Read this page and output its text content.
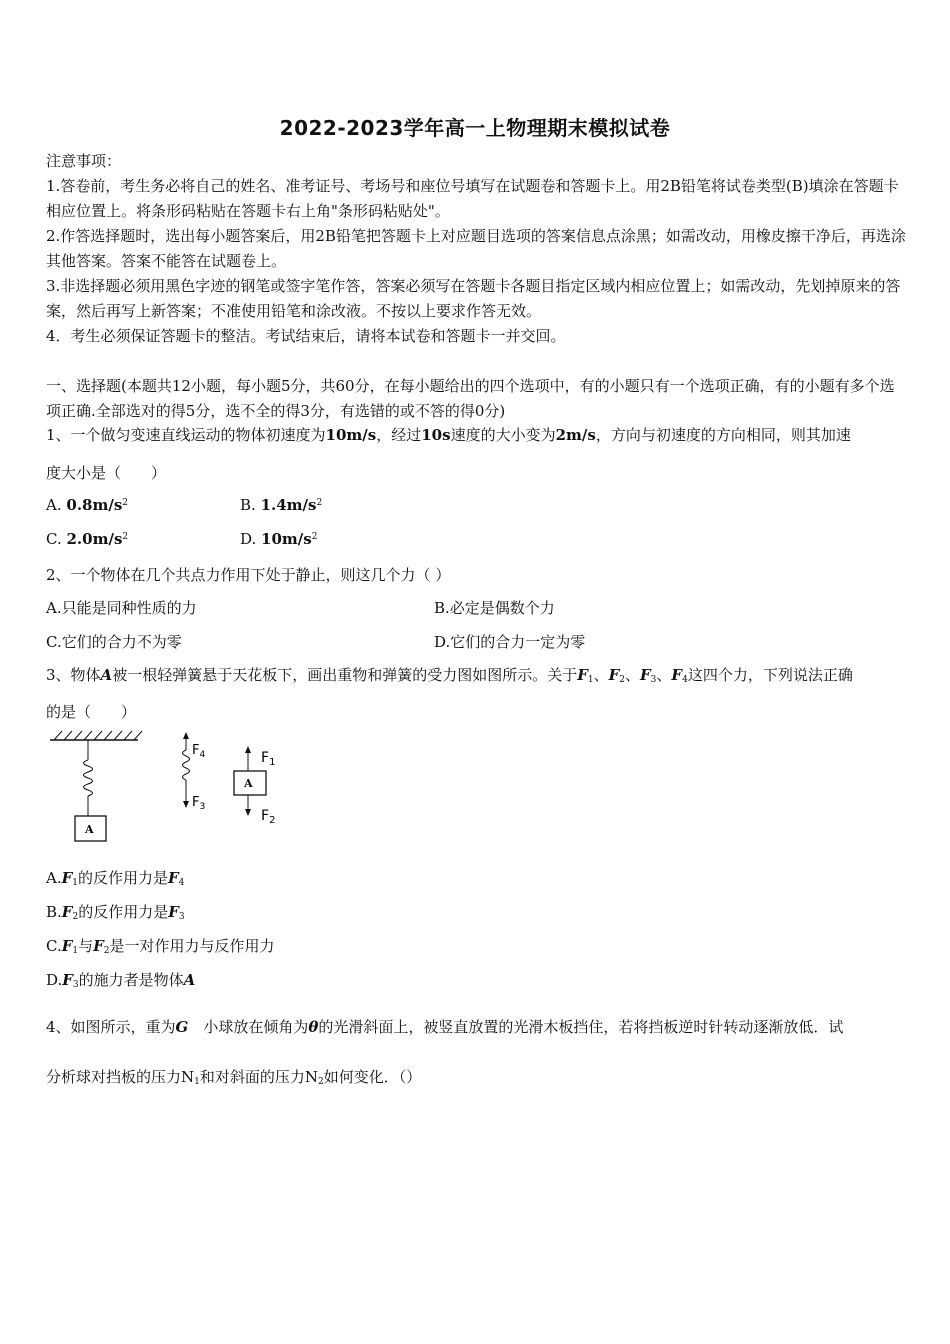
2022-2023学年高一上物理期末模拟试卷
注意事项：
1.答卷前，考生务必将自己的姓名、准考证号、考场号和座位号填写在试题卷和答题卡上。用2B铅笔将试卷类型(B)填涂在答题卡相应位置上。将条形码粘贴在答题卡右上角"条形码粘贴处"。
2.作答选择题时，选出每小题答案后，用2B铅笔把答题卡上对应题目选项的答案信息点涂黑；如需改动，用橡皮擦干净后，再选涂其他答案。答案不能答在试题卷上。
3.非选择题必须用黑色字迹的钢笔或签字笔作答，答案必须写在答题卡各题目指定区域内相应位置上；如需改动，先划掉原来的答案，然后再写上新答案；不准使用铅笔和涂改液。不按以上要求作答无效。
4．考生必须保证答题卡的整洁。考试结束后，请将本试卷和答题卡一并交回。
一、选择题(本题共12小题，每小题5分，共60分，在每小题给出的四个选项中，有的小题只有一个选项正确，有的小题有多个选项正确.全部选对的得5分，选不全的得3分，有选错的或不答的得0分)
1、一个做匀变速直线运动的物体初速度为10m/s，经过10s速度的大小变为2m/s，方向与初速度的方向相同，则其加速
度大小是（　　）
A. $0.8m/s^2$	B. $1.4m/s^2$
C. $2.0m/s^2$	D. $10m/s^2$
2、一个物体在几个共点力作用下处于静止，则这几个力（ ）
A.只能是同种性质的力	B.必定是偶数个力
C.它们的合力不为零	D.它们的合力一定为零
3、物体A被一根轻弹簧悬于天花板下，画出重物和弹簧的受力图如图所示。关于$F_1$、$F_2$、$F_3$、$F_4$这四个力，下列说法正确
的是（　　）
A
$F_4$
$F_3$
A
$F_1$
$F_2$
$A.F_1$的反作用力是$F_4$
$B.F_2$的反作用力是$F_3$
$C.F_1$与$F_2$是一对作用力与反作用力
$D.F_3$的施力者是物体A
4、如图所示，重为G　小球放在倾角为θ的光滑斜面上，被竖直放置的光滑木板挡住，若将挡板逆时针转动逐渐放低．试
分析球对挡板的压力$N_1$和对斜面的压力$N_2$如何变化．（）
